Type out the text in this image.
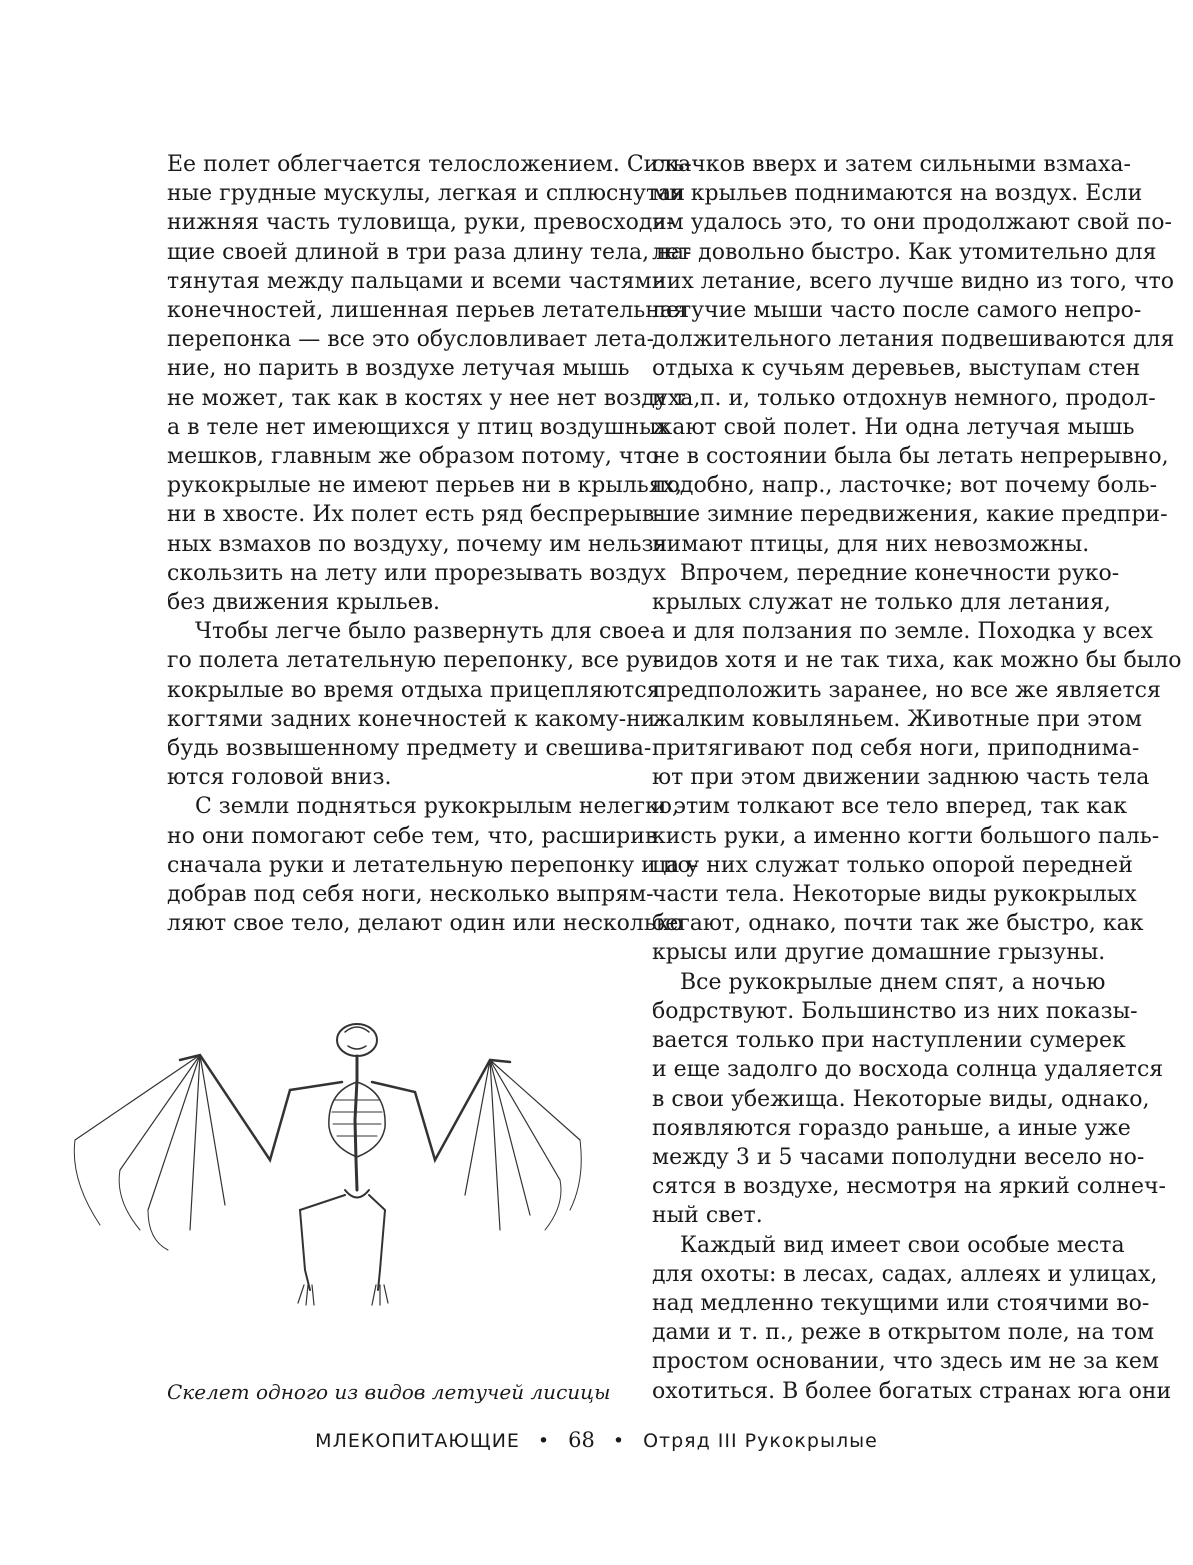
Ее полет облегчается телосложением. Силь-

ные грудные мускулы, легкая и сплюснутая

нижняя часть туловища, руки, превосходя-

щие своей длиной в три раза длину тела, на-

тянутая между пальцами и всеми частями

конечностей, лишенная перьев летательная

перепонка — все это обусловливает лета-

ние, но парить в воздухе летучая мышь

не может, так как в костях у нее нет воздуха,

а в теле нет имеющихся у птиц воздушных

мешков, главным же образом потому, что

рукокрылые не имеют перьев ни в крыльях,

ни в хвосте. Их полет есть ряд беспрерыв-

ных взмахов по воздуху, почему им нельзя

скользить на лету или прорезывать воздух

без движения крыльев.

Чтобы легче было развернуть для свое-

го полета летательную перепонку, все ру-

кокрылые во время отдыха прицепляются

когтями задних конечностей к какому-ни-

будь возвышенному предмету и свешива-

ются головой вниз.

С земли подняться рукокрылым нелегко,

но они помогают себе тем, что, расширив

сначала руки и летательную перепонку и по-

добрав под себя ноги, несколько выпрям-

ляют свое тело, делают один или несколько

скачков вверх и затем сильными взмаха-

ми крыльев поднимаются на воздух. Если

им удалось это, то они продолжают свой по-

лет довольно быстро. Как утомительно для

них летание, всего лучше видно из того, что

летучие мыши часто после самого непро-

должительного летания подвешиваются для

отдыха к сучьям деревьев, выступам стен

и т. п. и, только отдохнув немного, продол-

жают свой полет. Ни одна летучая мышь

не в состоянии была бы летать непрерывно,

подобно, напр., ласточке; вот почему боль-

шие зимние передвижения, какие предпри-

нимают птицы, для них невозможны.

Впрочем, передние конечности руко-

крылых служат не только для летания,

а и для ползания по земле. Походка у всех

видов хотя и не так тиха, как можно бы было

предположить заранее, но все же является

жалким ковыляньем. Животные при этом

притягивают под себя ноги, приподнима-

ют при этом движении заднюю часть тела

и этим толкают все тело вперед, так как

кисть руки, а именно когти большого паль-

ца у них служат только опорой передней

части тела. Некоторые виды рукокрылых

бегают, однако, почти так же быстро, как

крысы или другие домашние грызуны.

Все рукокрылые днем спят, а ночью

бодрствуют. Большинство из них показы-

вается только при наступлении сумерек

и еще задолго до восхода солнца удаляется

в свои убежища. Некоторые виды, однако,

появляются гораздо раньше, а иные уже

между 3 и 5 часами пополудни весело но-

сятся в воздухе, несмотря на яркий солнеч-

ный свет.

Каждый вид имеет свои особые места

для охоты: в лесах, садах, аллеях и улицах,

над медленно текущими или стоячими во-

дами и т. п., реже в открытом поле, на том

простом основании, что здесь им не за кем

охотиться. В более богатых странах юга они

Скелет одного из видов летучей лисицы
МЛЕКОПИТАЮЩИЕ • 68 • Отряд III Рукокрылые
